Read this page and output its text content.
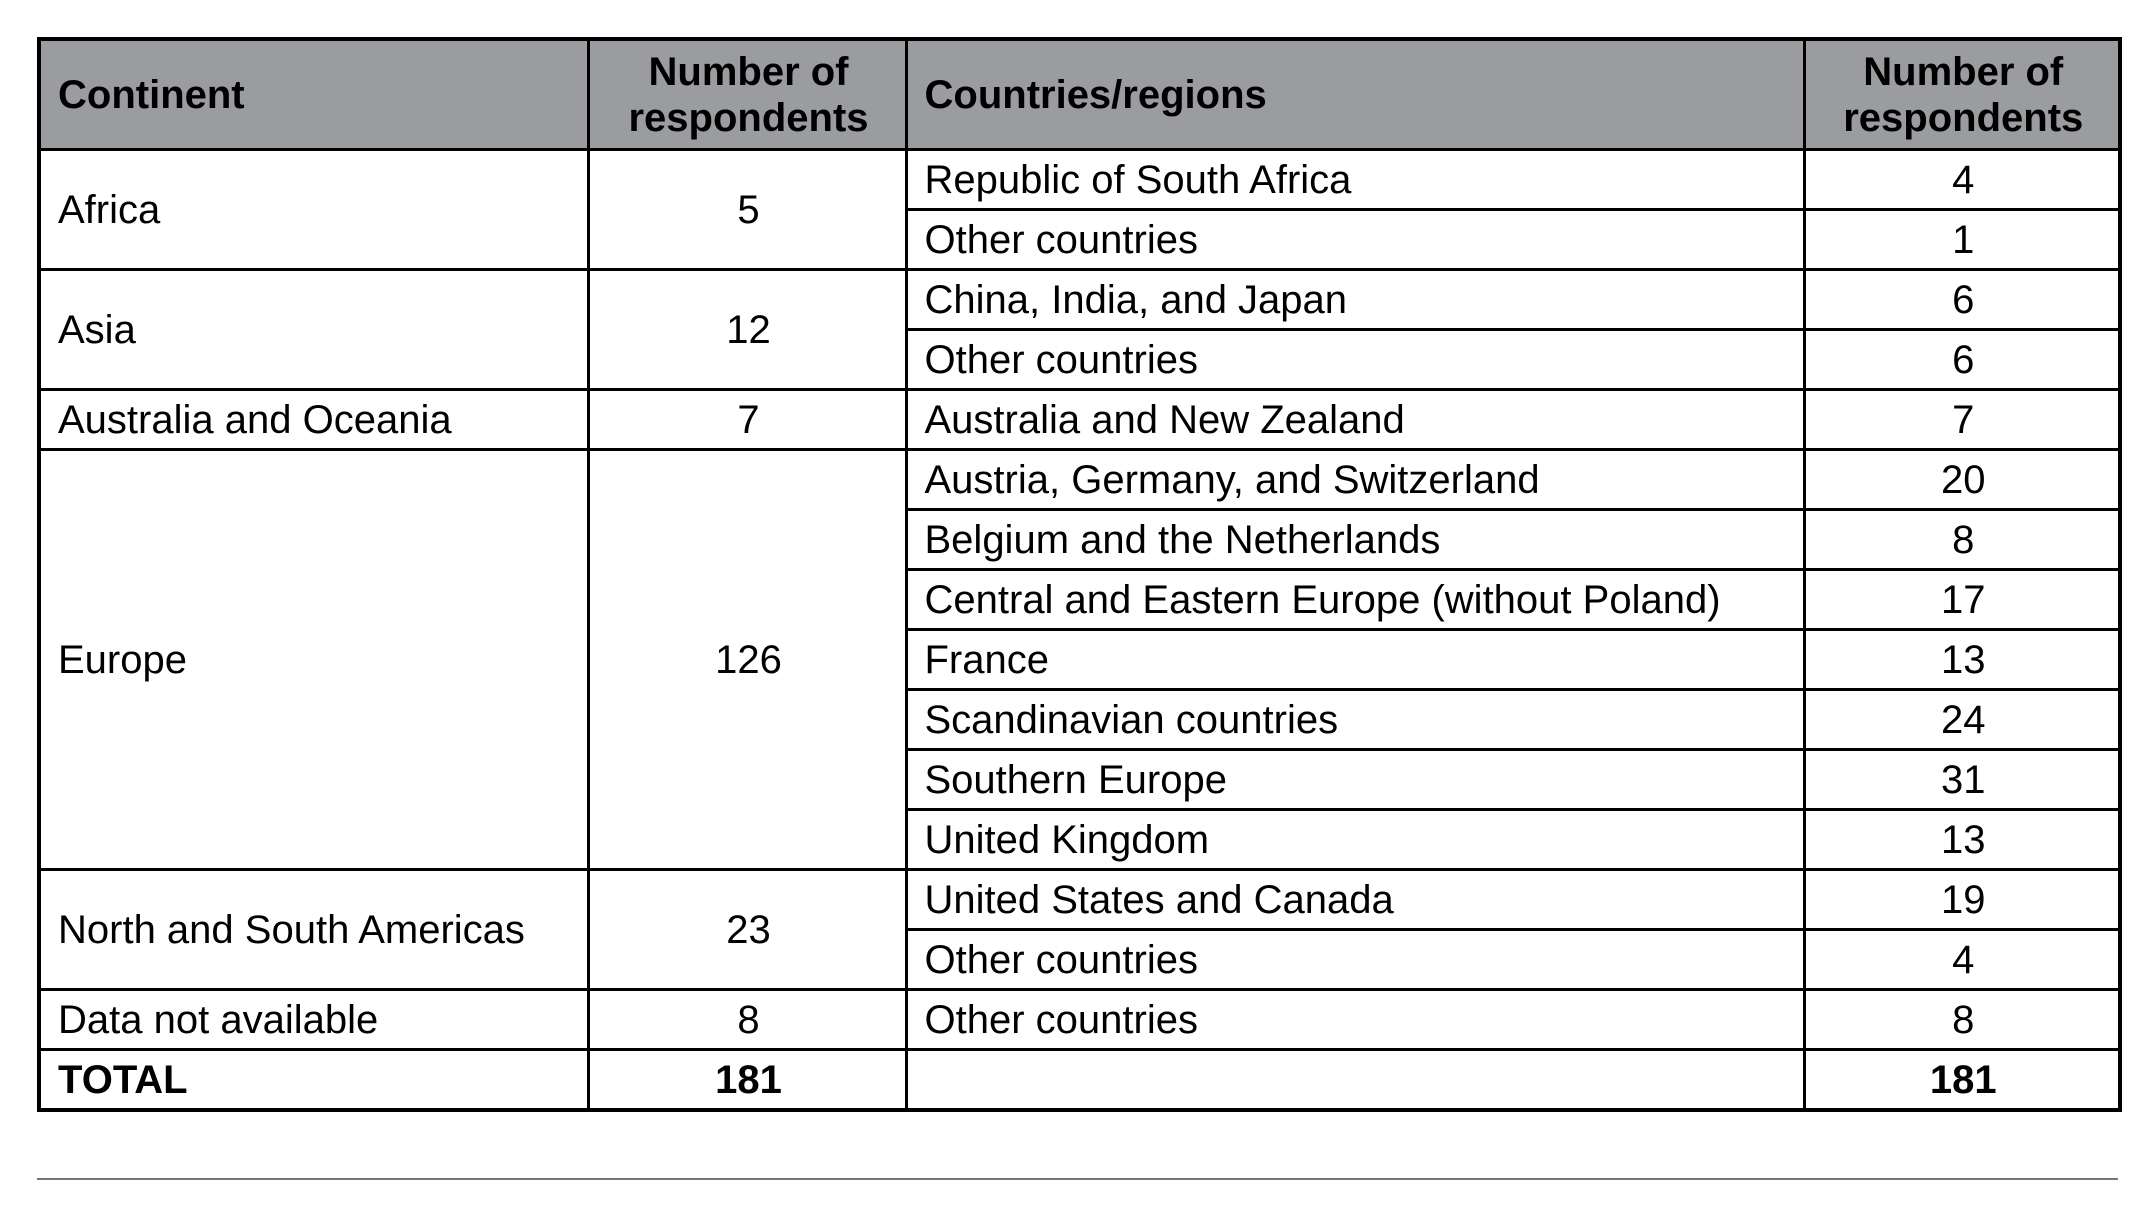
Continent	Number of respondents	Countries/regions	Number of respondents
Africa	5	Republic of South Africa	4
		Other countries	1
Asia	12	China, India, and Japan	6
		Other countries	6
Australia and Oceania	7	Australia and New Zealand	7
Europe	126	Austria, Germany, and Switzerland	20
		Belgium and the Netherlands	8
		Central and Eastern Europe (without Poland)	17
		France	13
		Scandinavian countries	24
		Southern Europe	31
		United Kingdom	13
North and South Americas	23	United States and Canada	19
		Other countries	4
Data not available	8	Other countries	8
TOTAL	181		181
